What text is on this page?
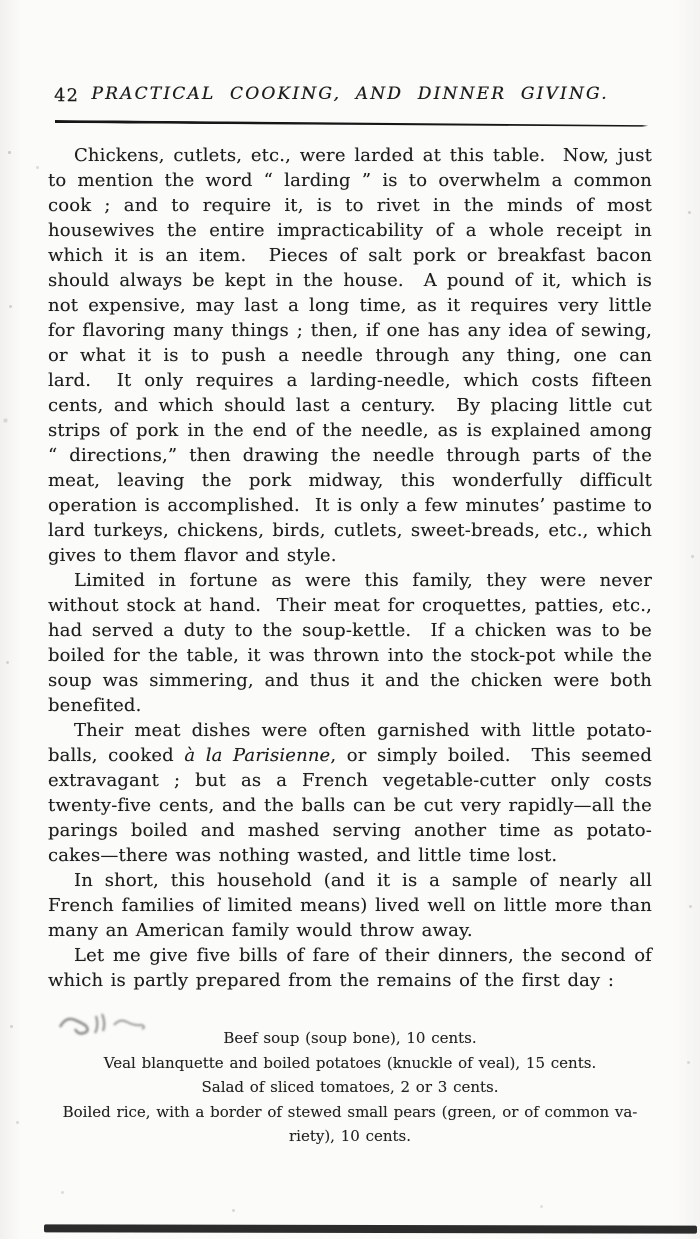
42 PRACTICAL COOKING, AND DINNER GIVING.

Chickens, cutlets, etc., were larded at this table.  Now, just to mention the word “ larding ” is to overwhelm a common cook ; and to require it, is to rivet in the minds of most housewives the entire impracticability of a whole receipt in which it is an item.  Pieces of salt pork or breakfast bacon should always be kept in the house.  A pound of it, which is not expensive, may last a long time, as it requires very little for flavoring many things ; then, if one has any idea of sewing, or what it is to push a needle through any thing, one can lard.  It only requires a larding-needle, which costs fifteen cents, and which should last a century.  By placing little cut strips of pork in the end of the needle, as is explained among “ directions,” then drawing the needle through parts of the meat, leaving the pork midway, this wonderfully difficult operation is accomplished.  It is only a few minutes’ pastime to lard turkeys, chickens, birds, cutlets, sweet-breads, etc., which gives to them flavor and style.

Limited in fortune as were this family, they were never without stock at hand.  Their meat for croquettes, patties, etc., had served a duty to the soup-kettle.  If a chicken was to be boiled for the table, it was thrown into the stock-pot while the soup was simmering, and thus it and the chicken were both benefited.

Their meat dishes were often garnished with little potato-balls, cooked à la Parisienne, or simply boiled.  This seemed extravagant ; but as a French vegetable-cutter only costs twenty-five cents, and the balls can be cut very rapidly—all the parings boiled and mashed serving another time as potato-cakes—there was nothing wasted, and little time lost.

In short, this household (and it is a sample of nearly all French families of limited means) lived well on little more than many an American family would throw away.

Let me give five bills of fare of their dinners, the second of which is partly prepared from the remains of the first day :

Beef soup (soup bone), 10 cents.
Veal blanquette and boiled potatoes (knuckle of veal), 15 cents.
Salad of sliced tomatoes, 2 or 3 cents.
Boiled rice, with a border of stewed small pears (green, or of common va-
riety), 10 cents.
